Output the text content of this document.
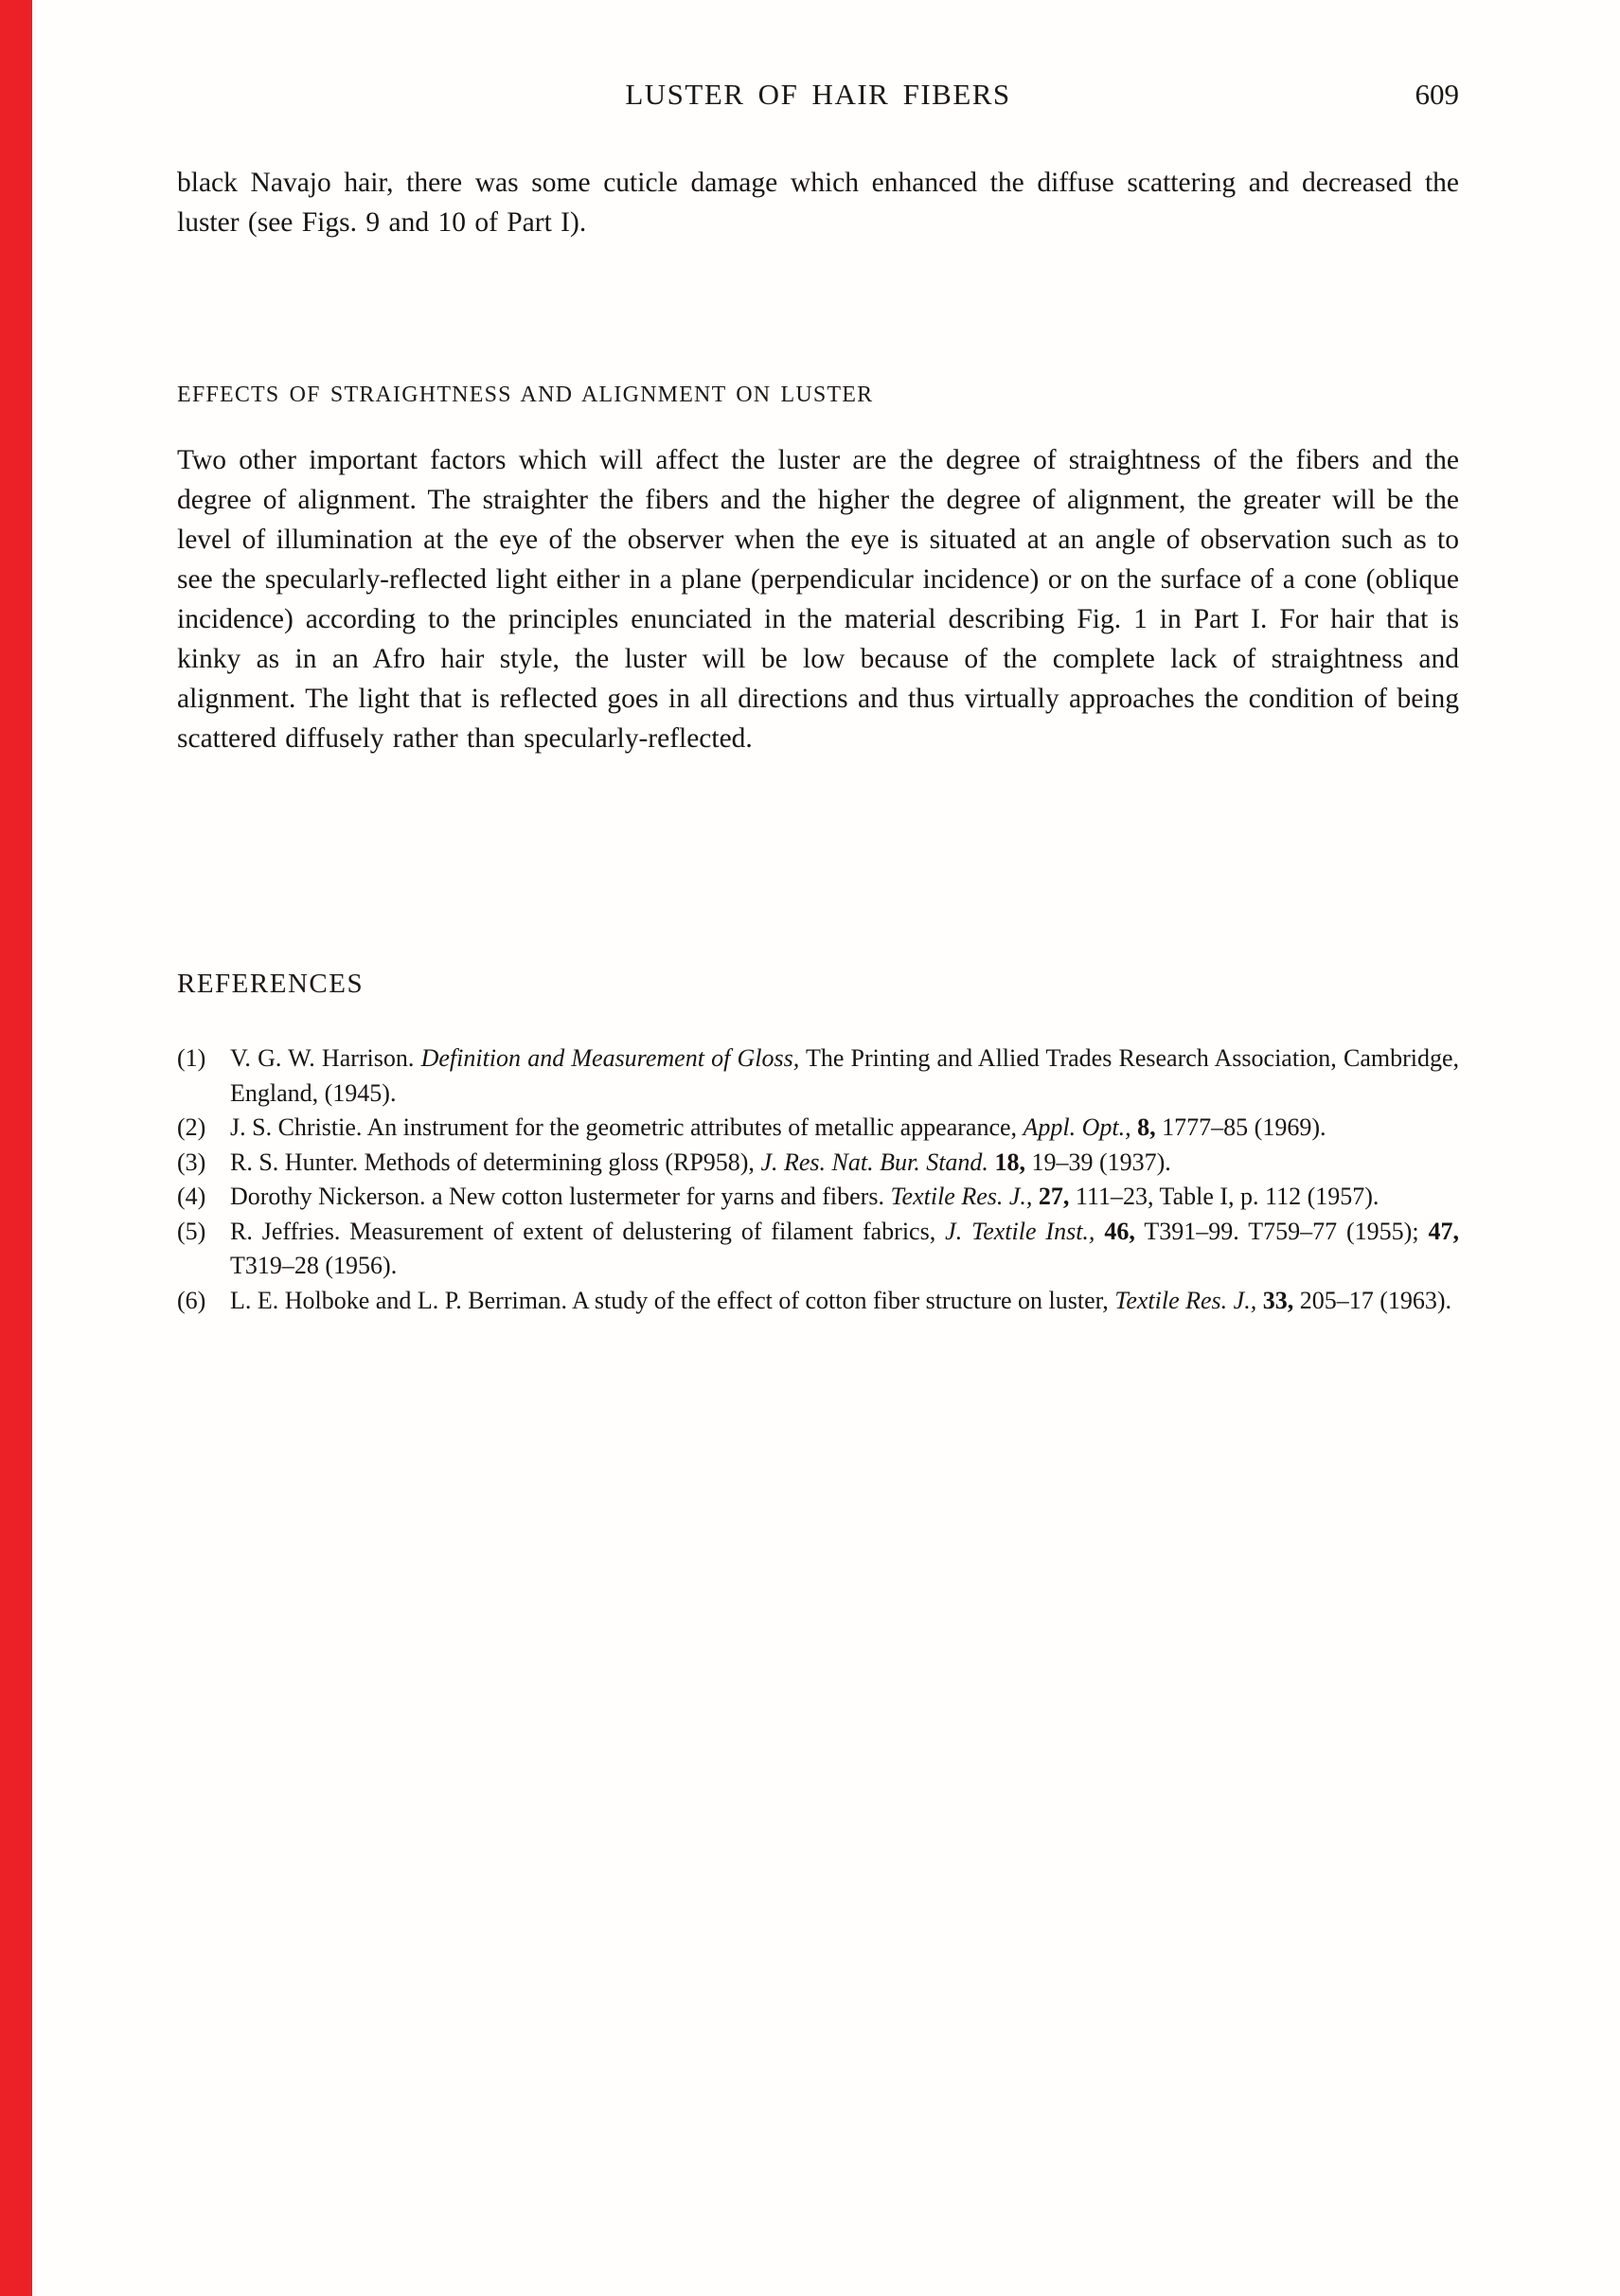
LUSTER OF HAIR FIBERS	609

black Navajo hair, there was some cuticle damage which enhanced the diffuse scattering and decreased the luster (see Figs. 9 and 10 of Part I).

EFFECTS OF STRAIGHTNESS AND ALIGNMENT ON LUSTER

Two other important factors which will affect the luster are the degree of straightness of the fibers and the degree of alignment. The straighter the fibers and the higher the degree of alignment, the greater will be the level of illumination at the eye of the observer when the eye is situated at an angle of observation such as to see the specularly-reflected light either in a plane (perpendicular incidence) or on the surface of a cone (oblique incidence) according to the principles enunciated in the material describing Fig. 1 in Part I. For hair that is kinky as in an Afro hair style, the luster will be low because of the complete lack of straightness and alignment. The light that is reflected goes in all directions and thus virtually approaches the condition of being scattered diffusely rather than specularly-reflected.

REFERENCES
(1) V. G. W. Harrison. Definition and Measurement of Gloss, The Printing and Allied Trades Research Association, Cambridge, England, (1945).
(2) J. S. Christie. An instrument for the geometric attributes of metallic appearance, Appl. Opt., 8, 1777–85 (1969).
(3) R. S. Hunter. Methods of determining gloss (RP958), J. Res. Nat. Bur. Stand. 18, 19–39 (1937).
(4) Dorothy Nickerson. a New cotton lustermeter for yarns and fibers. Textile Res. J., 27, 111–23, Table I, p. 112 (1957).
(5) R. Jeffries. Measurement of extent of delustering of filament fabrics, J. Textile Inst., 46, T391–99. T759–77 (1955); 47, T319–28 (1956).
(6) L. E. Holboke and L. P. Berriman. A study of the effect of cotton fiber structure on luster, Textile Res. J., 33, 205–17 (1963).
